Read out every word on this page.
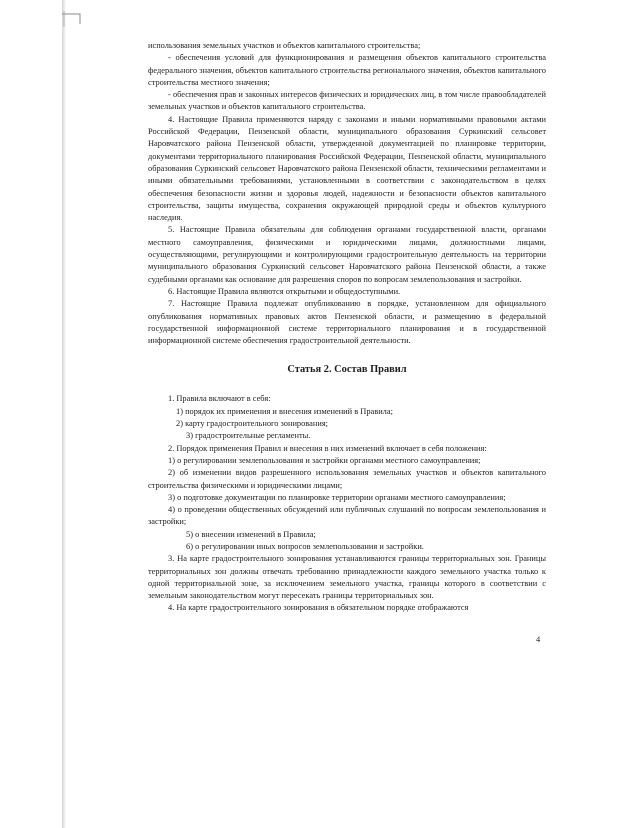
использования земельных участков и объектов капитального строительства;

- обеспечения условий для функционирования и размещения объектов капитального строительства федерального значения, объектов капитального строительства регионального значения, объектов капитального строительства местного значения;

- обеспечения прав и законных интересов физических и юридических лиц, в том числе правообладателей земельных участков и объектов капитального строительства.

4. Настоящие Правила применяются наряду с законами и иными нормативными правовыми актами Российской Федерации, Пензенской области, муниципального образования Суркинский сельсовет Наровчатского района Пензенской области, утвержденной документацией по планировке территории, документами территориального планирования Российской Федерации, Пензенской области, муниципального образования Суркинский сельсовет Наровчатского района Пензенской области, техническими регламентами и иными обязательными требованиями, установленными в соответствии с законодательством в целях обеспечения безопасности жизни и здоровья людей, надежности и безопасности объектов капитального строительства, защиты имущества, сохранения окружающей природной среды и объектов культурного наследия.

5. Настоящие Правила обязательны для соблюдения органами государственной власти, органами местного самоуправления, физическими и юридическими лицами, должностными лицами, осуществляющими, регулирующими и контролирующими градостроительную деятельность на территории муниципального образования Суркинский сельсовет Наровчатского района Пензенской области, а также судебными органами как основание для разрешения споров по вопросам землепользования и застройки.

6. Настоящие Правила являются открытыми и общедоступными.

7. Настоящие Правила подлежат опубликованию в порядке, установленном для официального опубликования нормативных правовых актов Пензенской области, и размещению в федеральной государственной информационной системе территориального планирования и в государственной информационной системе обеспечения градостроительной деятельности.

Статья 2. Состав Правил

1. Правила включают в себя:

1) порядок их применения и внесения изменений в Правила;

2) карту градостроительного зонирования;

3) градостроительные регламенты.

2. Порядок применения Правил и внесения в них изменений включает в себя положения:

1) о регулировании землепользования и застройки органами местного самоуправления;

2) об изменении видов разрешенного использования земельных участков и объектов капитального строительства физическими и юридическими лицами;

3) о подготовке документации по планировке территории органами местного самоуправления;

4) о проведении общественных обсуждений или публичных слушаний по вопросам землепользования и застройки;

5) о внесении изменений в Правила;

6) о регулировании иных вопросов землепользования и застройки.

3. На карте градостроительного зонирования устанавливаются границы территориальных зон. Границы территориальных зон должны отвечать требованию принадлежности каждого земельного участка только к одной территориальной зоне, за исключением земельного участка, границы которого в соответствии с земельным законодательством могут пересекать границы территориальных зон.

4. На карте градостроительного зонирования в обязательном порядке отображаются

4
